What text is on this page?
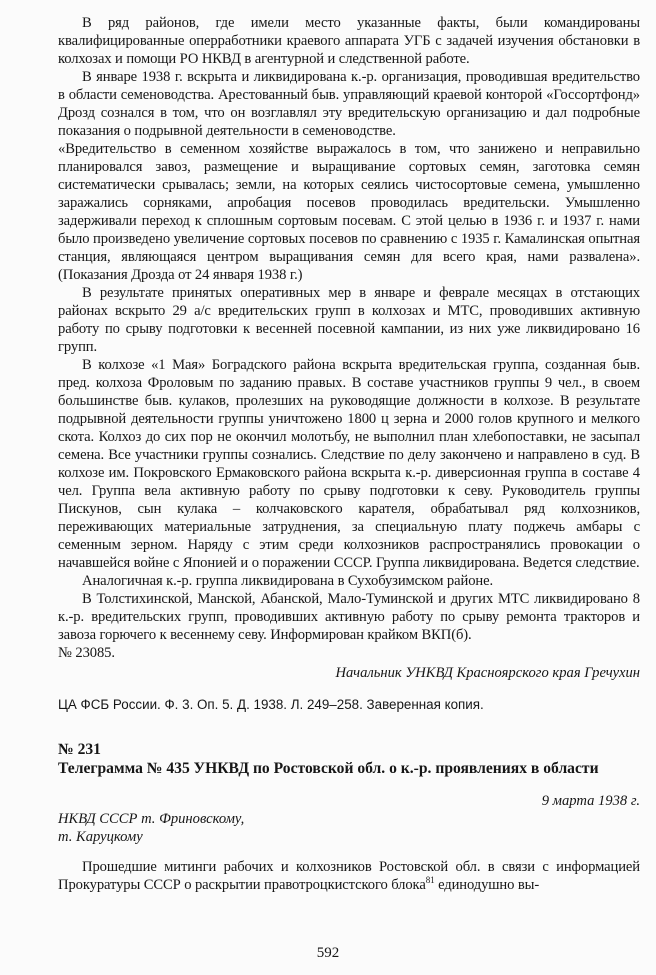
В ряд районов, где имели место указанные факты, были командированы квалифицированные оперработники краевого аппарата УГБ с задачей изучения обстановки в колхозах и помощи РО НКВД в агентурной и следственной работе.

В январе 1938 г. вскрыта и ликвидирована к.-р. организация, проводившая вредительство в области семеноводства. Арестованный быв. управляющий краевой конторой «Госсортфонд» Дрозд сознался в том, что он возглавлял эту вредительскую организацию и дал подробные показания о подрывной деятельности в семеноводстве.

«Вредительство в семенном хозяйстве выражалось в том, что занижено и неправильно планировался завоз, размещение и выращивание сортовых семян, заготовка семян систематически срывалась; земли, на которых сеялись чистосортовые семена, умышленно заражались сорняками, апробация посевов проводилась вредительски. Умышленно задерживали переход к сплошным сортовым посевам. С этой целью в 1936 г. и 1937 г. нами было произведено увеличение сортовых посевов по сравнению с 1935 г. Камалинская опытная станция, являющаяся центром выращивания семян для всего края, нами развалена». (Показания Дрозда от 24 января 1938 г.)

В результате принятых оперативных мер в январе и феврале месяцах в отстающих районах вскрыто 29 а/с вредительских групп в колхозах и МТС, проводивших активную работу по срыву подготовки к весенней посевной кампании, из них уже ликвидировано 16 групп.

В колхозе «1 Мая» Боградского района вскрыта вредительская группа, созданная быв. пред. колхоза Фроловым по заданию правых. В составе участников группы 9 чел., в своем большинстве быв. кулаков, пролезших на руководящие должности в колхозе. В результате подрывной деятельности группы уничтожено 1800 ц зерна и 2000 голов крупного и мелкого скота. Колхоз до сих пор не окончил молотьбу, не выполнил план хлебопоставки, не засыпал семена. Все участники группы сознались. Следствие по делу закончено и направлено в суд. В колхозе им. Покровского Ермаковского района вскрыта к.-р. диверсионная группа в составе 4 чел. Группа вела активную работу по срыву подготовки к севу. Руководитель группы Пискунов, сын кулака – колчаковского карателя, обрабатывал ряд колхозников, переживающих материальные затруднения, за специальную плату поджечь амбары с семенным зерном. Наряду с этим среди колхозников распространялись провокации о начавшейся войне с Японией и о поражении СССР. Группа ликвидирована. Ведется следствие.

Аналогичная к.-р. группа ликвидирована в Сухобузимском районе.

В Толстихинской, Манской, Абанской, Мало-Туминской и других МТС ликвидировано 8 к.-р. вредительских групп, проводивших активную работу по срыву ремонта тракторов и завоза горючего к весеннему севу. Информирован крайком ВКП(б).

№ 23085.

Начальник УНКВД Красноярского края Гречухин

ЦА ФСБ России. Ф. 3. Оп. 5. Д. 1938. Л. 249–258. Заверенная копия.

№ 231

Телеграмма № 435 УНКВД по Ростовской обл. о к.-р. проявлениях в области

9 марта 1938 г.

НКВД СССР т. Фриновскому,

т. Каруцкому

Прошедшие митинги рабочих и колхозников Ростовской обл. в связи с информацией Прокуратуры СССР о раскрытии правотроцкистского блока$^{81}$ единодушно вы-

592
